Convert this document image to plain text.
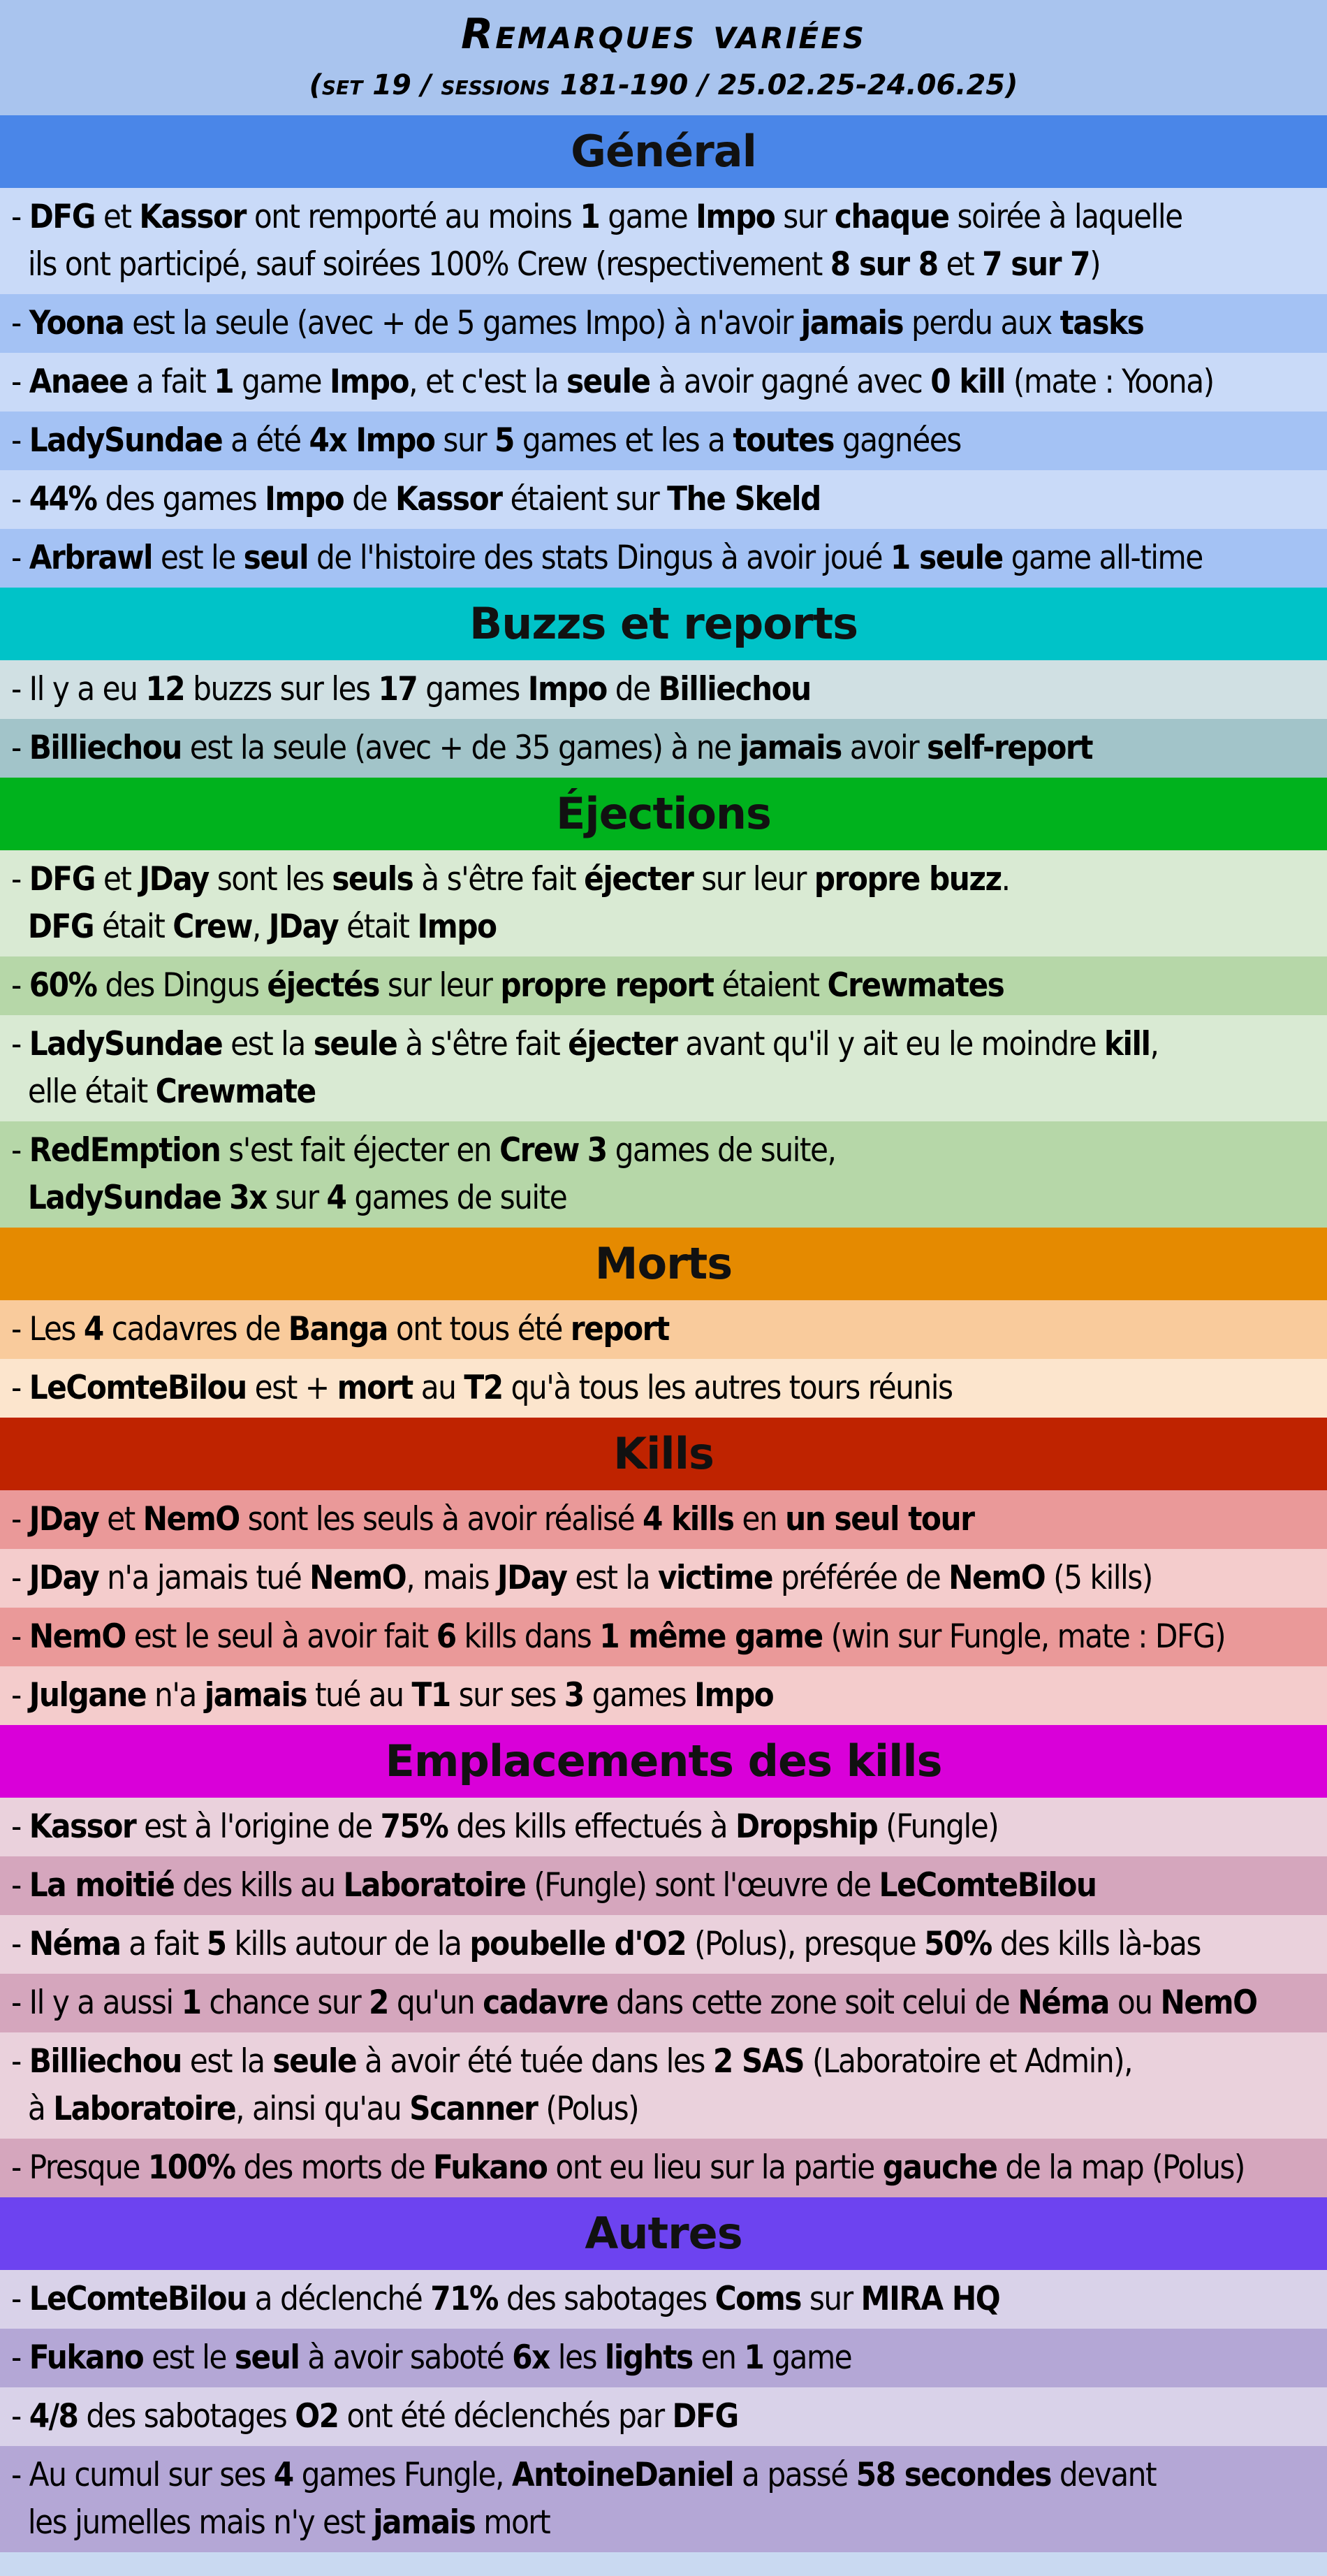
Remarques variées
(set 19 / sessions 181-190 / 25.02.25-24.06.25)
Général
- DFG et Kassor ont remporté au moins 1 game Impo sur chaque soirée à laquelle
ils ont participé, sauf soirées 100% Crew (respectivement 8 sur 8 et 7 sur 7)
- Yoona est la seule (avec + de 5 games Impo) à n'avoir jamais perdu aux tasks
- Anaee a fait 1 game Impo, et c'est la seule à avoir gagné avec 0 kill (mate : Yoona)
- LadySundae a été 4x Impo sur 5 games et les a toutes gagnées
- 44% des games Impo de Kassor étaient sur The Skeld
- Arbrawl est le seul de l'histoire des stats Dingus à avoir joué 1 seule game all-time
Buzzs et reports
- Il y a eu 12 buzzs sur les 17 games Impo de Billiechou
- Billiechou est la seule (avec + de 35 games) à ne jamais avoir self-report
Éjections
- DFG et JDay sont les seuls à s'être fait éjecter sur leur propre buzz.
DFG était Crew, JDay était Impo
- 60% des Dingus éjectés sur leur propre report étaient Crewmates
- LadySundae est la seule à s'être fait éjecter avant qu'il y ait eu le moindre kill,
elle était Crewmate
- RedEmption s'est fait éjecter en Crew 3 games de suite,
LadySundae 3x sur 4 games de suite
Morts
- Les 4 cadavres de Banga ont tous été report
- LeComteBilou est + mort au T2 qu'à tous les autres tours réunis
Kills
- JDay et NemO sont les seuls à avoir réalisé 4 kills en un seul tour
- JDay n'a jamais tué NemO, mais JDay est la victime préférée de NemO (5 kills)
- NemO est le seul à avoir fait 6 kills dans 1 même game (win sur Fungle, mate : DFG)
- Julgane n'a jamais tué au T1 sur ses 3 games Impo
Emplacements des kills
- Kassor est à l'origine de 75% des kills effectués à Dropship (Fungle)
- La moitié des kills au Laboratoire (Fungle) sont l'œuvre de LeComteBilou
- Néma a fait 5 kills autour de la poubelle d'O2 (Polus), presque 50% des kills là-bas
- Il y a aussi 1 chance sur 2 qu'un cadavre dans cette zone soit celui de Néma ou NemO
- Billiechou est la seule à avoir été tuée dans les 2 SAS (Laboratoire et Admin),
à Laboratoire, ainsi qu'au Scanner (Polus)
- Presque 100% des morts de Fukano ont eu lieu sur la partie gauche de la map (Polus)
Autres
- LeComteBilou a déclenché 71% des sabotages Coms sur MIRA HQ
- Fukano est le seul à avoir saboté 6x les lights en 1 game
- 4/8 des sabotages O2 ont été déclenchés par DFG
- Au cumul sur ses 4 games Fungle, AntoineDaniel a passé 58 secondes devant
les jumelles mais n'y est jamais mort
